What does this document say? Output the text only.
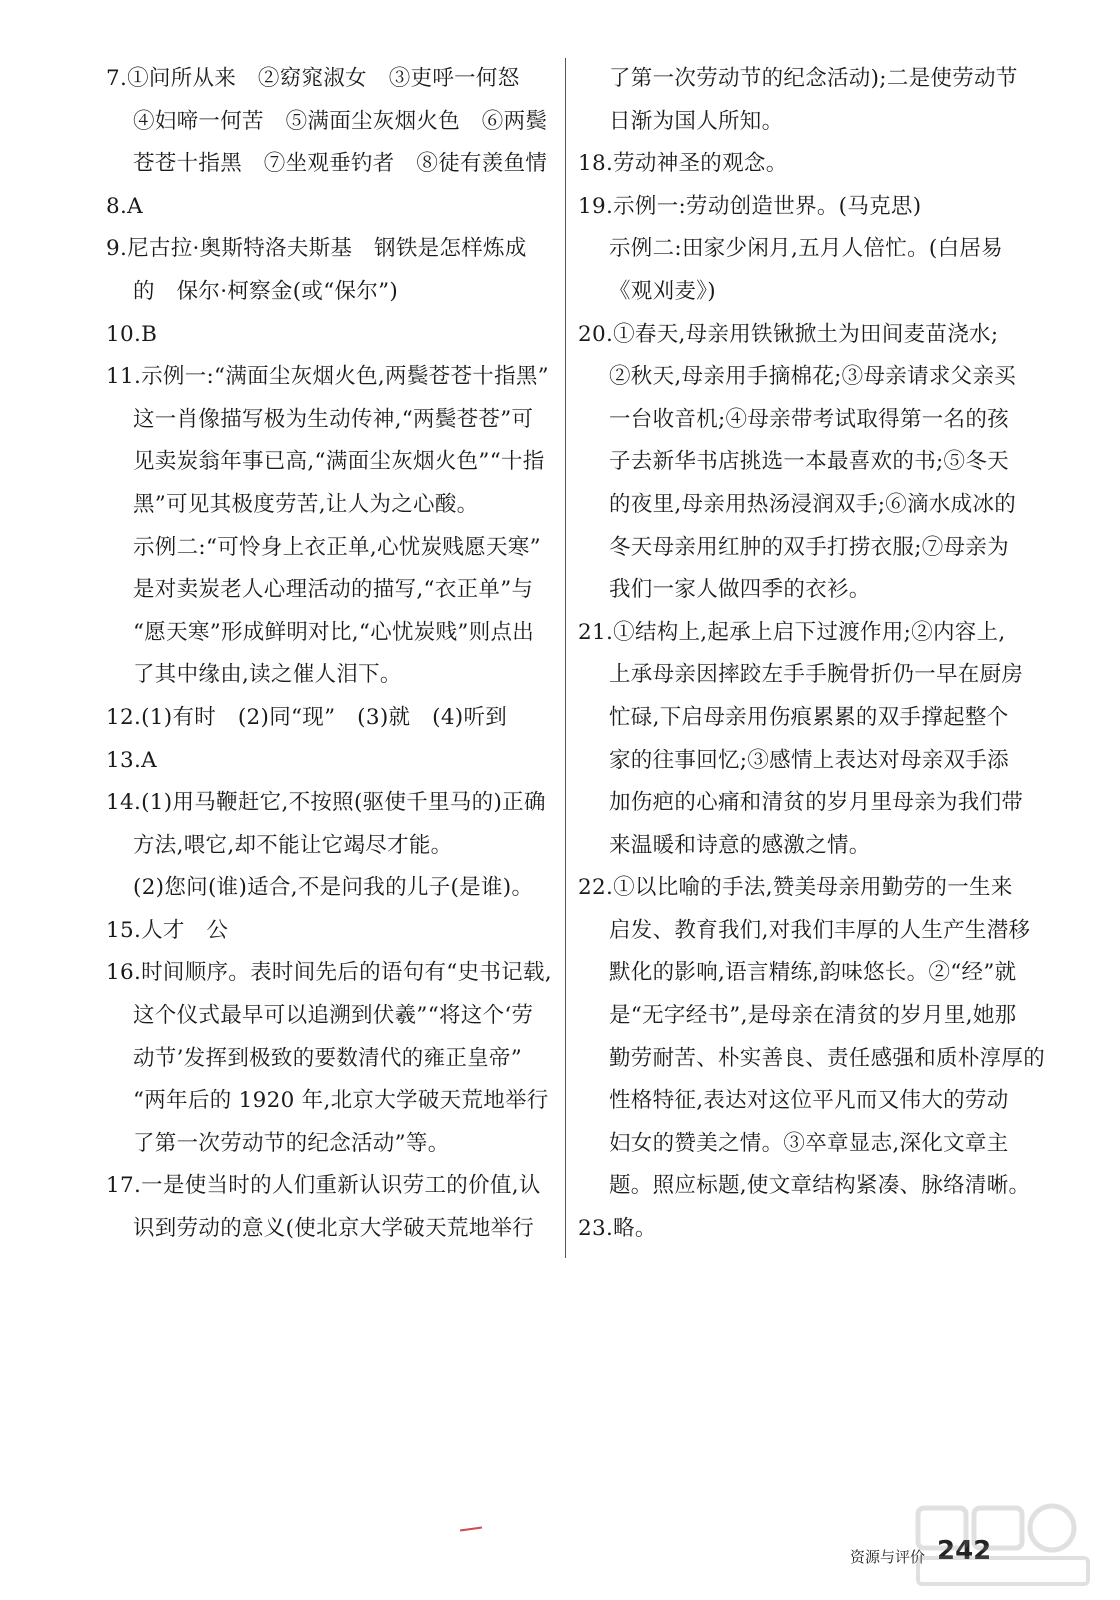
7.①问所从来　②窈窕淑女　③吏呼一何怒
④妇啼一何苦　⑤满面尘灰烟火色　⑥两鬓
苍苍十指黑　⑦坐观垂钓者　⑧徒有羡鱼情
8.A
9.尼古拉·奥斯特洛夫斯基　钢铁是怎样炼成
的　保尔·柯察金(或“保尔”)
10.B
11.示例一:“满面尘灰烟火色,两鬓苍苍十指黑”
这一肖像描写极为生动传神,“两鬓苍苍”可
见卖炭翁年事已高,“满面尘灰烟火色”“十指
黑”可见其极度劳苦,让人为之心酸。
示例二:“可怜身上衣正单,心忧炭贱愿天寒”
是对卖炭老人心理活动的描写,“衣正单”与
“愿天寒”形成鲜明对比,“心忧炭贱”则点出
了其中缘由,读之催人泪下。
12.(1)有时　(2)同“现”　(3)就　(4)听到
13.A
14.(1)用马鞭赶它,不按照(驱使千里马的)正确
方法,喂它,却不能让它竭尽才能。
(2)您问(谁)适合,不是问我的儿子(是谁)。
15.人才　公
16.时间顺序。表时间先后的语句有“史书记载,
这个仪式最早可以追溯到伏羲”“将这个‘劳
动节’发挥到极致的要数清代的雍正皇帝”
“两年后的 1920 年,北京大学破天荒地举行
了第一次劳动节的纪念活动”等。
17.一是使当时的人们重新认识劳工的价值,认
识到劳动的意义(使北京大学破天荒地举行
了第一次劳动节的纪念活动);二是使劳动节
日渐为国人所知。
18.劳动神圣的观念。
19.示例一:劳动创造世界。(马克思)
示例二:田家少闲月,五月人倍忙。(白居易
《观刈麦》)
20.①春天,母亲用铁锹掀土为田间麦苗浇水;
②秋天,母亲用手摘棉花;③母亲请求父亲买
一台收音机;④母亲带考试取得第一名的孩
子去新华书店挑选一本最喜欢的书;⑤冬天
的夜里,母亲用热汤浸润双手;⑥滴水成冰的
冬天母亲用红肿的双手打捞衣服;⑦母亲为
我们一家人做四季的衣衫。
21.①结构上,起承上启下过渡作用;②内容上,
上承母亲因摔跤左手手腕骨折仍一早在厨房
忙碌,下启母亲用伤痕累累的双手撑起整个
家的往事回忆;③感情上表达对母亲双手添
加伤疤的心痛和清贫的岁月里母亲为我们带
来温暖和诗意的感激之情。
22.①以比喻的手法,赞美母亲用勤劳的一生来
启发、教育我们,对我们丰厚的人生产生潜移
默化的影响,语言精练,韵味悠长。②“经”就
是“无字经书”,是母亲在清贫的岁月里,她那
勤劳耐苦、朴实善良、责任感强和质朴淳厚的
性格特征,表达对这位平凡而又伟大的劳动
妇女的赞美之情。③卒章显志,深化文章主
题。照应标题,使文章结构紧凑、脉络清晰。
23.略。
资源与评价 242
